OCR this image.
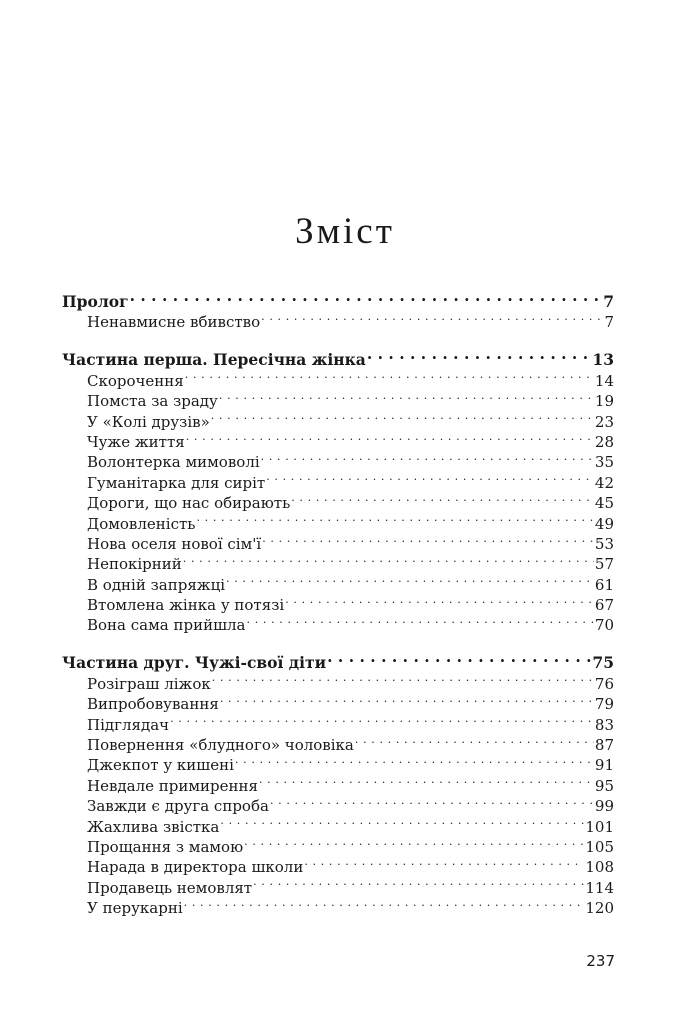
Зміст
Пролог . . .	7
Ненавмисне вбивство . . .	7
Частина перша. Пересічна жінка . . .	13
Скорочення . . .	14
Помста за зраду . . .	19
У «Колі друзів» . . .	23
Чуже життя . . .	28
Волонтерка мимоволі . . .	35
Гуманітарка для сиріт . . .	42
Дороги, що нас обирають . . .	45
Домовленість . . .	49
Нова оселя нової сім'ї . . .	53
Непокірний . . .	57
В одній запряжці . . .	61
Втомлена жінка у потязі . . .	67
Вона сама прийшла . . .	70
Частина друг. Чужі-свої діти . . .	75
Розіграш ліжок . . .	76
Випробовування . . .	79
Підглядач . . .	83
Повернення «блудного» чоловіка . . .	87
Джекпот у кишені . . .	91
Невдале примирення . . .	95
Завжди є друга спроба . . .	99
Жахлива звістка . . .	101
Прощання з мамою . . .	105
Нарада в директора школи . . .	108
Продавець немовлят . . .	114
У перукарні . . .	120
237
